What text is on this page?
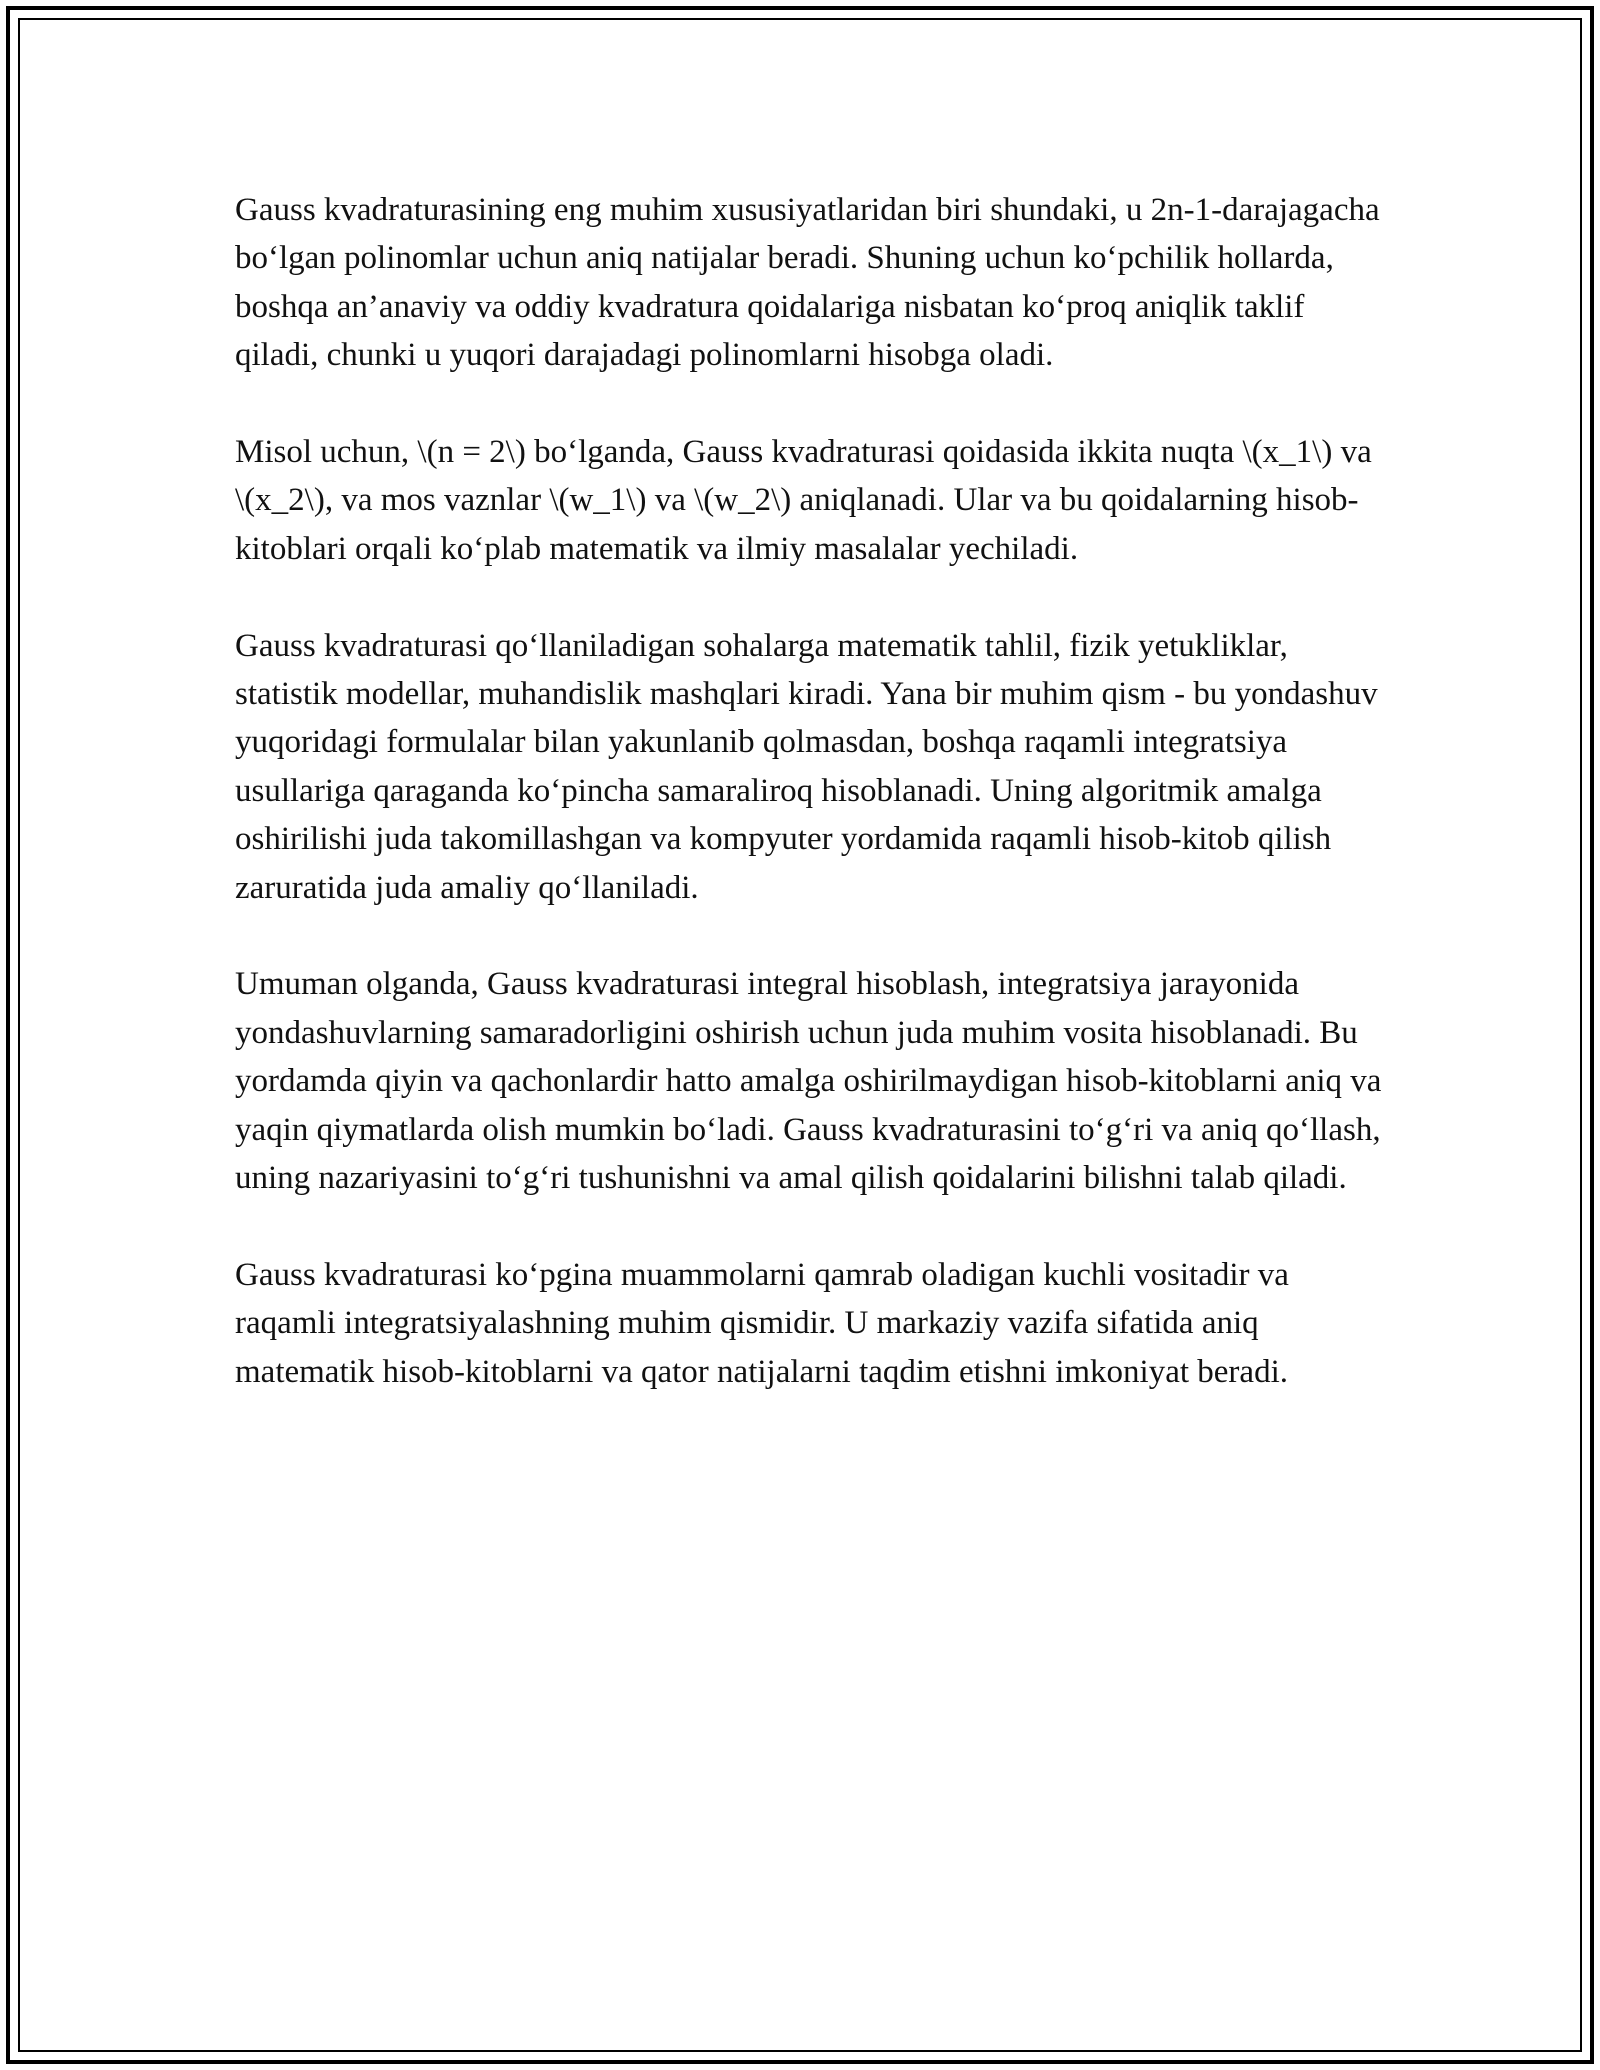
Gauss kvadraturasining eng muhim xususiyatlaridan biri shundaki, u 2n-1-darajagacha bo‘lgan polinomlar uchun aniq natijalar beradi. Shuning uchun ko‘pchilik hollarda, boshqa an’anaviy va oddiy kvadratura qoidalariga nisbatan ko‘proq aniqlik taklif qiladi, chunki u yuqori darajadagi polinomlarni hisobga oladi.

Misol uchun, \(n = 2\) bo‘lganda, Gauss kvadraturasi qoidasida ikkita nuqta \(x_1\) va \(x_2\), va mos vaznlar \(w_1\) va \(w_2\) aniqlanadi. Ular va bu qoidalarning hisob-kitoblari orqali ko‘plab matematik va ilmiy masalalar yechiladi.

Gauss kvadraturasi qo‘llaniladigan sohalarga matematik tahlil, fizik yetukliklar, statistik modellar, muhandislik mashqlari kiradi. Yana bir muhim qism - bu yondashuv yuqoridagi formulalar bilan yakunlanib qolmasdan, boshqa raqamli integratsiya usullariga qaraganda ko‘pincha samaraliroq hisoblanadi. Uning algoritmik amalga oshirilishi juda takomillashgan va kompyuter yordamida raqamli hisob-kitob qilish zaruratida juda amaliy qo‘llaniladi.

Umuman olganda, Gauss kvadraturasi integral hisoblash, integratsiya jarayonida yondashuvlarning samaradorligini oshirish uchun juda muhim vosita hisoblanadi. Bu yordamda qiyin va qachonlardir hatto amalga oshirilmaydigan hisob-kitoblarni aniq va yaqin qiymatlarda olish mumkin bo‘ladi. Gauss kvadraturasini to‘g‘ri va aniq qo‘llash, uning nazariyasini to‘g‘ri tushunishni va amal qilish qoidalarini bilishni talab qiladi.

Gauss kvadraturasi ko‘pgina muammolarni qamrab oladigan kuchli vositadir va raqamli integratsiyalashning muhim qismidir. U markaziy vazifa sifatida aniq matematik hisob-kitoblarni va qator natijalarni taqdim etishni imkoniyat beradi.
